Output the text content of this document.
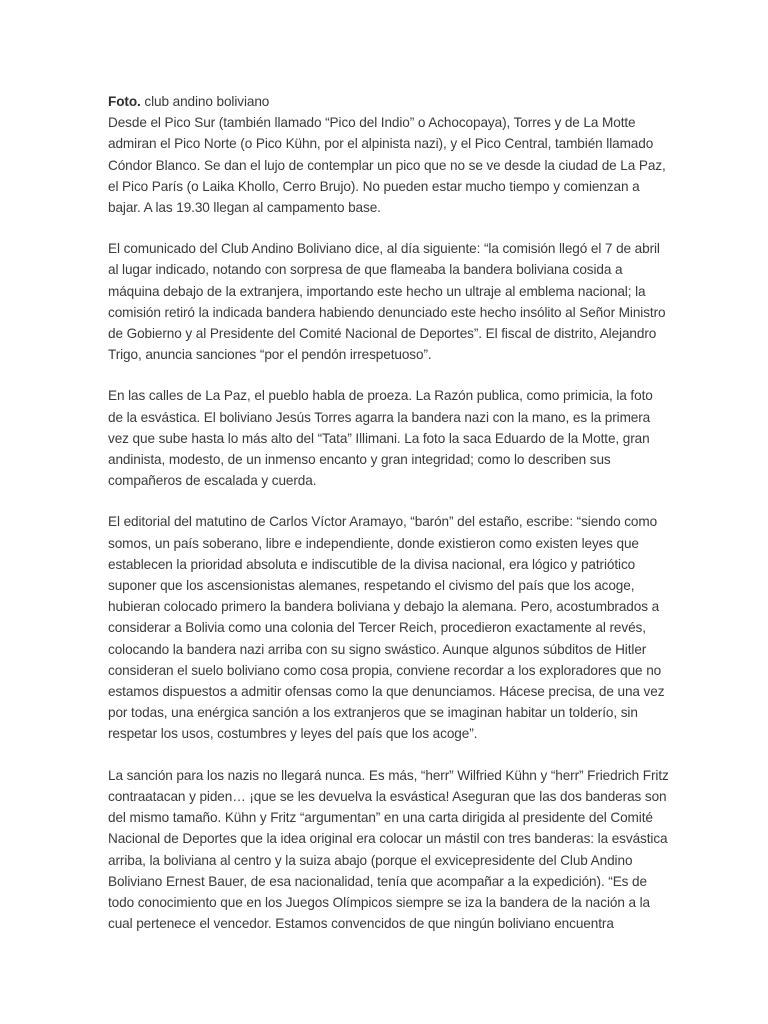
Foto. club andino boliviano
Desde el Pico Sur (también llamado “Pico del Indio” o Achocopaya), Torres y de La Motte
admiran el Pico Norte (o Pico Kühn, por el alpinista nazi), y el Pico Central, también llamado
Cóndor Blanco. Se dan el lujo de contemplar un pico que no se ve desde la ciudad de La Paz,
el Pico París (o Laika Khollo, Cerro Brujo). No pueden estar mucho tiempo y comienzan a
bajar. A las 19.30 llegan al campamento base.
El comunicado del Club Andino Boliviano dice, al día siguiente: “la comisión llegó el 7 de abril
al lugar indicado, notando con sorpresa de que flameaba la bandera boliviana cosida a
máquina debajo de la extranjera, importando este hecho un ultraje al emblema nacional; la
comisión retiró la indicada bandera habiendo denunciado este hecho insólito al Señor Ministro
de Gobierno y al Presidente del Comité Nacional de Deportes”. El fiscal de distrito, Alejandro
Trigo, anuncia sanciones “por el pendón irrespetuoso”.
En las calles de La Paz, el pueblo habla de proeza. La Razón publica, como primicia, la foto
de la esvástica. El boliviano Jesús Torres agarra la bandera nazi con la mano, es la primera
vez que sube hasta lo más alto del “Tata” Illimani. La foto la saca Eduardo de la Motte, gran
andinista, modesto, de un inmenso encanto y gran integridad; como lo describen sus
compañeros de escalada y cuerda.
El editorial del matutino de Carlos Víctor Aramayo, “barón” del estaño, escribe: “siendo como
somos, un país soberano, libre e independiente, donde existieron como existen leyes que
establecen la prioridad absoluta e indiscutible de la divisa nacional, era lógico y patriótico
suponer que los ascensionistas alemanes, respetando el civismo del país que los acoge,
hubieran colocado primero la bandera boliviana y debajo la alemana. Pero, acostumbrados a
considerar a Bolivia como una colonia del Tercer Reich, procedieron exactamente al revés,
colocando la bandera nazi arriba con su signo swástico. Aunque algunos súbditos de Hitler
consideran el suelo boliviano como cosa propia, conviene recordar a los exploradores que no
estamos dispuestos a admitir ofensas como la que denunciamos. Hácese precisa, de una vez
por todas, una enérgica sanción a los extranjeros que se imaginan habitar un tolderío, sin
respetar los usos, costumbres y leyes del país que los acoge”.
La sanción para los nazis no llegará nunca. Es más, “herr” Wilfried Kühn y “herr” Friedrich Fritz
contraatacan y piden… ¡que se les devuelva la esvástica! Aseguran que las dos banderas son
del mismo tamaño. Kühn y Fritz “argumentan” en una carta dirigida al presidente del Comité
Nacional de Deportes que la idea original era colocar un mástil con tres banderas: la esvástica
arriba, la boliviana al centro y la suiza abajo (porque el exvicepresidente del Club Andino
Boliviano Ernest Bauer, de esa nacionalidad, tenía que acompañar a la expedición). “Es de
todo conocimiento que en los Juegos Olímpicos siempre se iza la bandera de la nación a la
cual pertenece el vencedor. Estamos convencidos de que ningún boliviano encuentra
